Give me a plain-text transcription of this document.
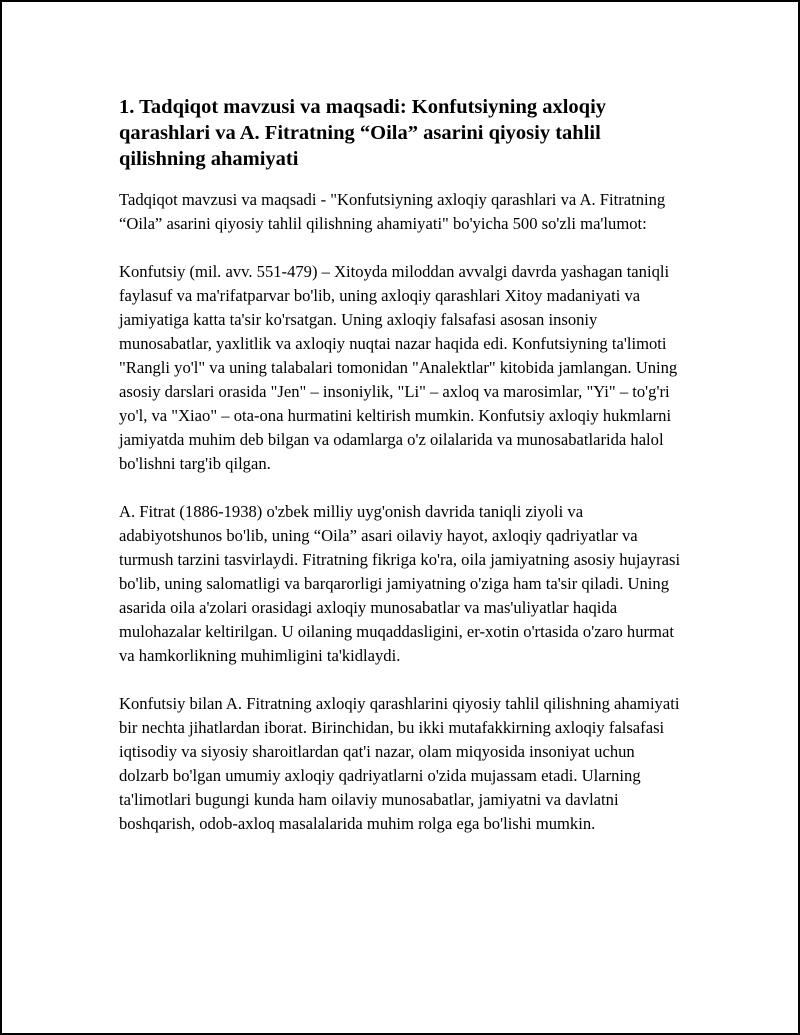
1. Tadqiqot mavzusi va maqsadi: Konfutsiyning axloqiy qarashlari va A. Fitratning “Oila” asarini qiyosiy tahlil qilishning ahamiyati

Tadqiqot mavzusi va maqsadi - "Konfutsiyning axloqiy qarashlari va A. Fitratning “Oila” asarini qiyosiy tahlil qilishning ahamiyati" bo'yicha 500 so'zli ma'lumot:

Konfutsiy (mil. avv. 551-479) – Xitoyda miloddan avvalgi davrda yashagan taniqli faylasuf va ma'rifatparvar bo'lib, uning axloqiy qarashlari Xitoy madaniyati va jamiyatiga katta ta'sir ko'rsatgan. Uning axloqiy falsafasi asosan insoniy munosabatlar, yaxlitlik va axloqiy nuqtai nazar haqida edi. Konfutsiyning ta'limoti "Rangli yo'l" va uning talabalari tomonidan "Analektlar" kitobida jamlangan. Uning asosiy darslari orasida "Jen" – insoniylik, "Li" – axloq va marosimlar, "Yi" – to'g'ri yo'l, va "Xiao" – ota-ona hurmatini keltirish mumkin. Konfutsiy axloqiy hukmlarni jamiyatda muhim deb bilgan va odamlarga o'z oilalarida va munosabatlarida halol bo'lishni targ'ib qilgan.

A. Fitrat (1886-1938) o'zbek milliy uyg'onish davrida taniqli ziyoli va adabiyotshunos bo'lib, uning “Oila” asari oilaviy hayot, axloqiy qadriyatlar va turmush tarzini tasvirlaydi. Fitratning fikriga ko'ra, oila jamiyatning asosiy hujayrasi bo'lib, uning salomatligi va barqarorligi jamiyatning o'ziga ham ta'sir qiladi. Uning asarida oila a'zolari orasidagi axloqiy munosabatlar va mas'uliyatlar haqida mulohazalar keltirilgan. U oilaning muqaddasligini, er-xotin o'rtasida o'zaro hurmat va hamkorlikning muhimligini ta'kidlaydi.

Konfutsiy bilan A. Fitratning axloqiy qarashlarini qiyosiy tahlil qilishning ahamiyati bir nechta jihatlardan iborat. Birinchidan, bu ikki mutafakkirning axloqiy falsafasi iqtisodiy va siyosiy sharoitlardan qat'i nazar, olam miqyosida insoniyat uchun dolzarb bo'lgan umumiy axloqiy qadriyatlarni o'zida mujassam etadi. Ularning ta'limotlari bugungi kunda ham oilaviy munosabatlar, jamiyatni va davlatni boshqarish, odob-axloq masalalarida muhim rolga ega bo'lishi mumkin.
